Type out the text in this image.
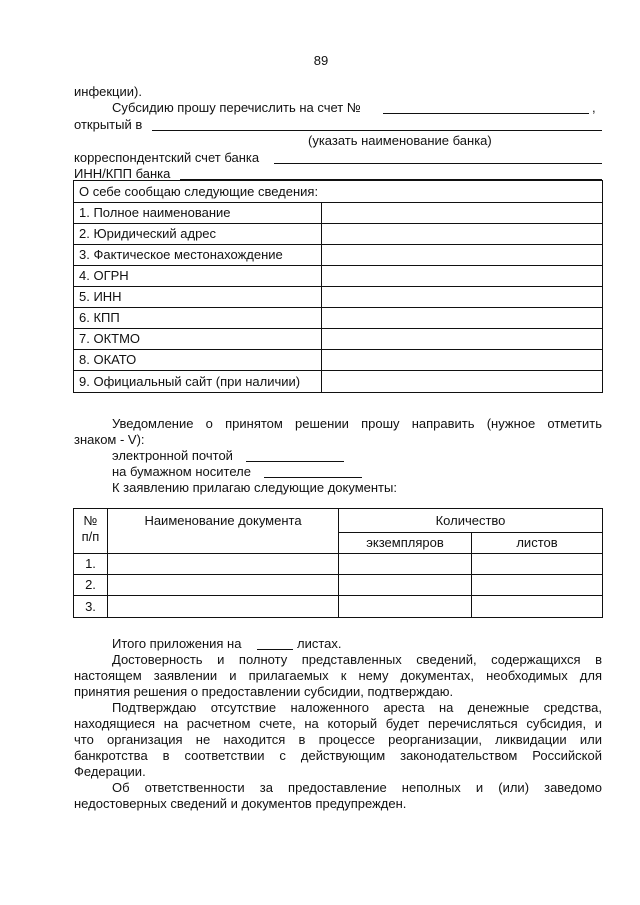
89
инфекции).
Субсидию прошу перечислить на счет №	,
открытый в
(указать наименование банка)
корреспондентский счет банка
ИНН/КПП банка
О себе сообщаю следующие сведения:	
1. Полное наименование	
2. Юридический адрес	
3. Фактическое местонахождение	
4. ОГРН	
5. ИНН	
6. КПП	
7. ОКТМО	
8. ОКАТО	
9. Официальный сайт (при наличии)	
Уведомление о принятом решении прошу направить (нужное отметить
знаком - V):
электронной почтой
на бумажном носителе
К заявлению прилагаю следующие документы:
№
п/п	Наименование документа	Количество	
		экземпляров	листов
1.			
2.			
3.			
Итого приложения на	листах.
Достоверность и полноту представленных сведений, содержащихся в
настоящем заявлении и прилагаемых к нему документах, необходимых для
принятия решения о предоставлении субсидии, подтверждаю.
Подтверждаю отсутствие наложенного ареста на денежные средства,
находящиеся на расчетном счете, на который будет перечисляться субсидия, и
что организация не находится в процессе реорганизации, ликвидации или
банкротства в соответствии с действующим законодательством Российской
Федерации.
Об ответственности за предоставление неполных и (или) заведомо
недостоверных сведений и документов предупрежден.
